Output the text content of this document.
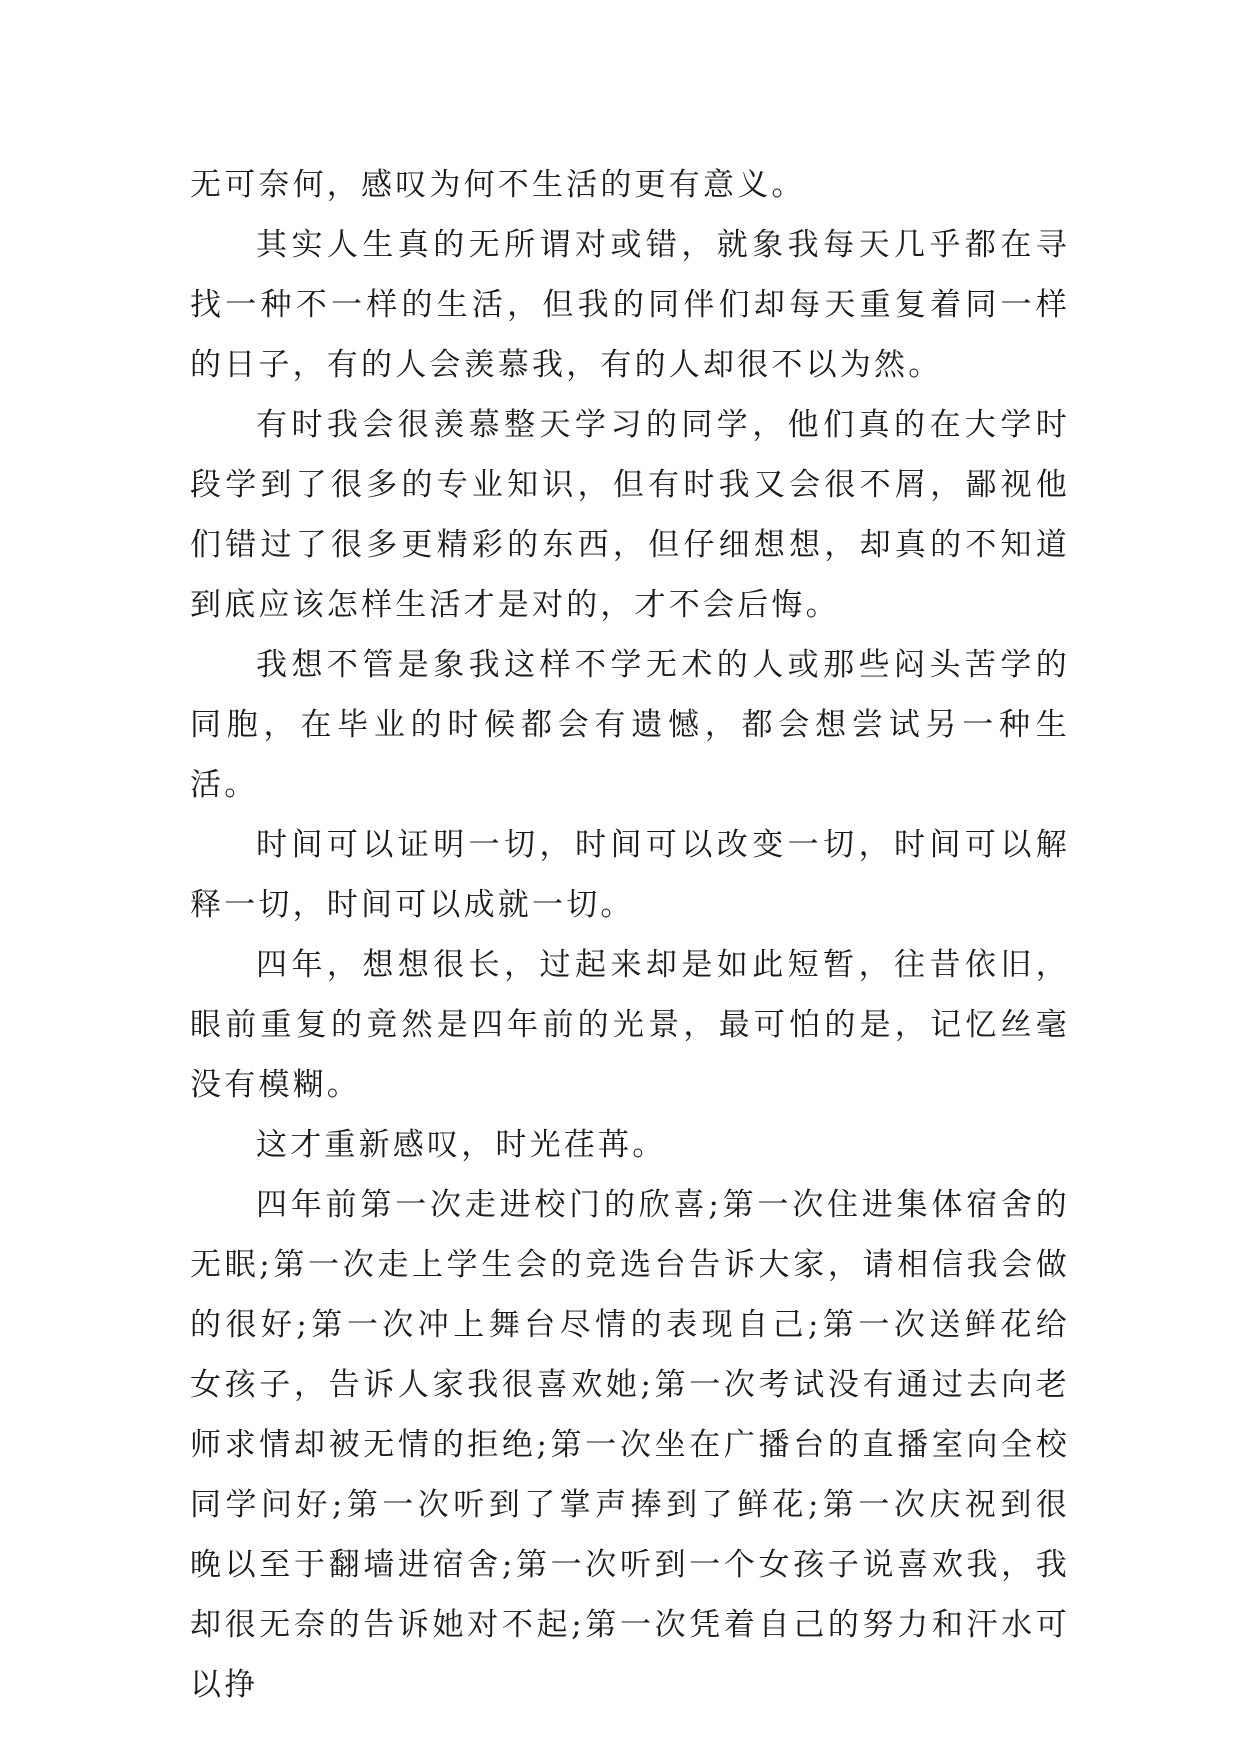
无可奈何，感叹为何不生活的更有意义。

其实人生真的无所谓对或错，就象我每天几乎都在寻找一种不一样的生活，但我的同伴们却每天重复着同一样的日子，有的人会羡慕我，有的人却很不以为然。

有时我会很羡慕整天学习的同学，他们真的在大学时段学到了很多的专业知识，但有时我又会很不屑，鄙视他们错过了很多更精彩的东西，但仔细想想，却真的不知道到底应该怎样生活才是对的，才不会后悔。

我想不管是象我这样不学无术的人或那些闷头苦学的同胞，在毕业的时候都会有遗憾，都会想尝试另一种生活。

时间可以证明一切，时间可以改变一切，时间可以解释一切，时间可以成就一切。

四年，想想很长，过起来却是如此短暂，往昔依旧，眼前重复的竟然是四年前的光景，最可怕的是，记忆丝毫没有模糊。

这才重新感叹，时光荏苒。

四年前第一次走进校门的欣喜;第一次住进集体宿舍的无眠;第一次走上学生会的竞选台告诉大家，请相信我会做的很好;第一次冲上舞台尽情的表现自己;第一次送鲜花给女孩子，告诉人家我很喜欢她;第一次考试没有通过去向老师求情却被无情的拒绝;第一次坐在广播台的直播室向全校同学问好;第一次听到了掌声捧到了鲜花;第一次庆祝到很晚以至于翻墙进宿舍;第一次听到一个女孩子说喜欢我，我却很无奈的告诉她对不起;第一次凭着自己的努力和汗水可以挣
